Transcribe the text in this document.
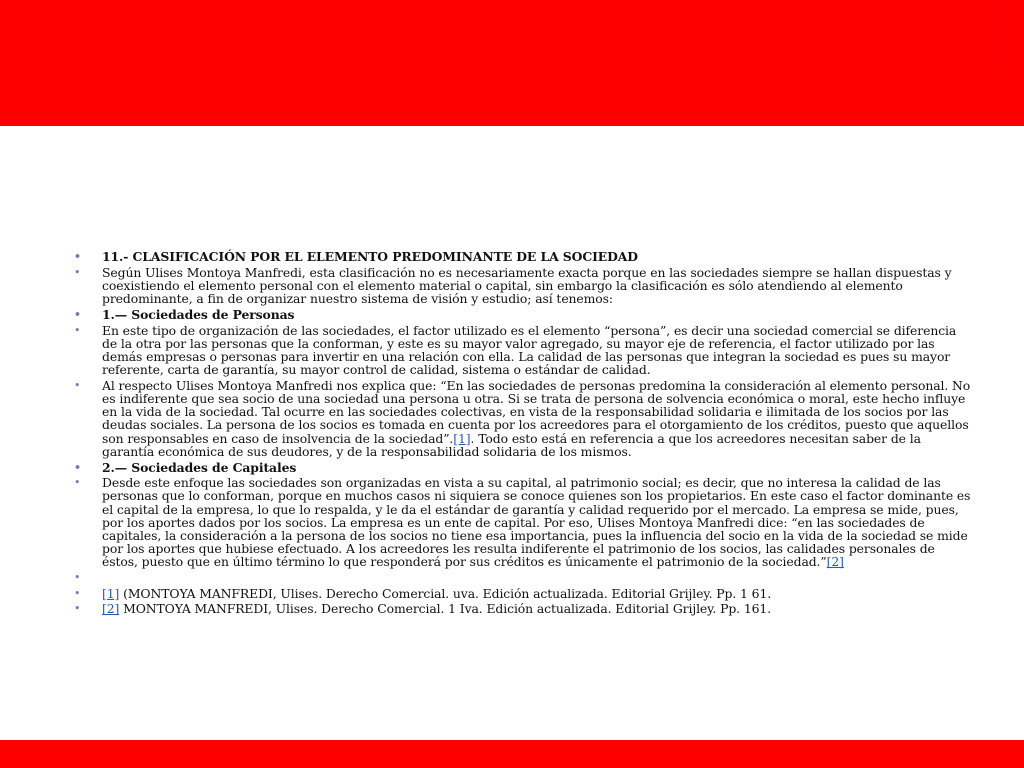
• 11.- CLASIFICACIÓN POR EL ELEMENTO PREDOMINANTE DE LA SOCIEDAD
• Según Ulises Montoya Manfredi, esta clasificación no es necesariamente exacta porque en las sociedades siempre se hallan dispuestas y coexistiendo el elemento personal con el elemento material o capital, sin embargo la clasificación es sólo atendiendo al elemento predominante, a fin de organizar nuestro sistema de visión y estudio; así tenemos:
• 1.— Sociedades de Personas
• En este tipo de organización de las sociedades, el factor utilizado es el elemento “persona”, es decir una sociedad comercial se diferencia de la otra por las personas que la conforman, y este es su mayor valor agregado, su mayor eje de referencia, el factor utilizado por las demás empresas o personas para invertir en una relación con ella. La calidad de las personas que integran la sociedad es pues su mayor referente, carta de garantía, su mayor control de calidad, sistema o estándar de calidad.
• Al respecto Ulises Montoya Manfredi nos explica que: “En las sociedades de personas predomina la consideración al elemento personal. No es indiferente que sea socio de una sociedad una persona u otra. Si se trata de persona de solvencia económica o moral, este hecho influye en la vida de la sociedad. Tal ocurre en las sociedades colectivas, en vista de la responsabilidad solidaria e ilimitada de los socios por las deudas sociales. La persona de los socios es tomada en cuenta por los acreedores para el otorgamiento de los créditos, puesto que aquellos son responsables en caso de insolvencia de la sociedad”.[1]. Todo esto está en referencia a que los acreedores necesitan saber de la garantía económica de sus deudores, y de la responsabilidad solidaria de los mismos.
• 2.— Sociedades de Capitales
• Desde este enfoque las sociedades son organizadas en vista a su capital, al patrimonio social; es decir, que no interesa la calidad de las personas que lo conforman, porque en muchos casos ni siquiera se conoce quienes son los propietarios. En este caso el factor dominante es el capital de la empresa, lo que lo respalda, y le da el estándar de garantía y calidad requerido por el mercado. La empresa se mide, pues, por los aportes dados por los socios. La empresa es un ente de capital. Por eso, Ulises Montoya Manfredi dice: “en las sociedades de capitales, la consideración a la persona de los socios no tiene esa importancia, pues la influencia del socio en la vida de la sociedad se mide por los aportes que hubiese efectuado. A los acreedores les resulta indiferente el patrimonio de los socios, las calidades personales de éstos, puesto que en último término lo que responderá por sus créditos es únicamente el patrimonio de la sociedad.”[2]
•
• [1] (MONTOYA MANFREDI, Ulises. Derecho Comercial. uva. Edición actualizada. Editorial Grijley. Pp. 1 61.
• [2] MONTOYA MANFREDI, Ulises. Derecho Comercial. 1 Iva. Edición actualizada. Editorial Grijley. Pp. 161.
